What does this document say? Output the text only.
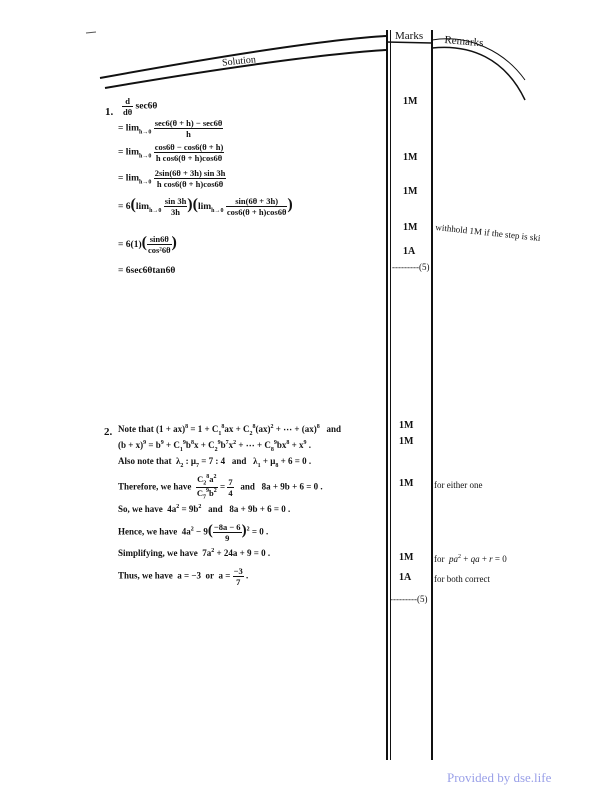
Solution
Marks Remarks
1. $\frac{d}{d\theta} \sec 6\theta$
= $\lim_{h\to 0} \frac{\sec 6(\theta + h) - \sec 6\theta}{h}$
= $\lim_{h\to 0} \frac{\cos 6\theta - \cos 6(\theta + h)}{\text{h cos6(θ + h)cos6θ}}$
= $\lim_{h\to 0} \frac{2\sin(6\theta + 3h) \sin 3h}{\text{h cos6(θ + h)cos6θ}}$
= $6(\lim_{h\to 0} \frac{\sin 3h}{3h} )(\lim_{h\to 0} \frac{\sin(6\theta + 3h)}{\cos 6(\theta + h)\cos 6\theta}$ )
= $6(1)( \frac{\sin 6\theta}{\text{cos²6θ}}$ )
= 6sec6θtan6θ
1M
1M
1M
1M
1A
---------(5)
withhold 1M if the step is ski
2. Note that $(1 + ax)^8 = 1 + C_1^8ax + C_2^8(ax)^2$ + ⋯ + (ax)$^8$   and
$(b + x)^9 = b^9 + C_1^9b^8x + C_2^9b^7x^2$ + ⋯ + $C_8^9bx^8 + x^9$ .
Also note that  $\lambda_2$ : $\mu_7 = 7$ : 4   and   $\lambda_1 + \mu_8 + 6 = 0$ .
Therefore, we have $\frac{C_2^8a^2}{C_7^9b^2} = \frac{7}{4}$ and   8a + 9b + 6 = 0 .
So, we have  $4a^2 = 9b^2$   and   8a + 9b + 6 = 0 .
Hence, we have  $4a^2 - 9( \frac{-8a - 6}{9} )^2 = 0$ .
Simplifying, we have  $7a^2 + 24a + 9 = 0$ .
Thus, we have  a = −3  or  $a = \frac{-3}{7}$ .
1M
1M
1M
1M
1A
---------(5)
for either one
for  $pa^2$ + qa + r = 0
for both correct
Provided by dse.life
